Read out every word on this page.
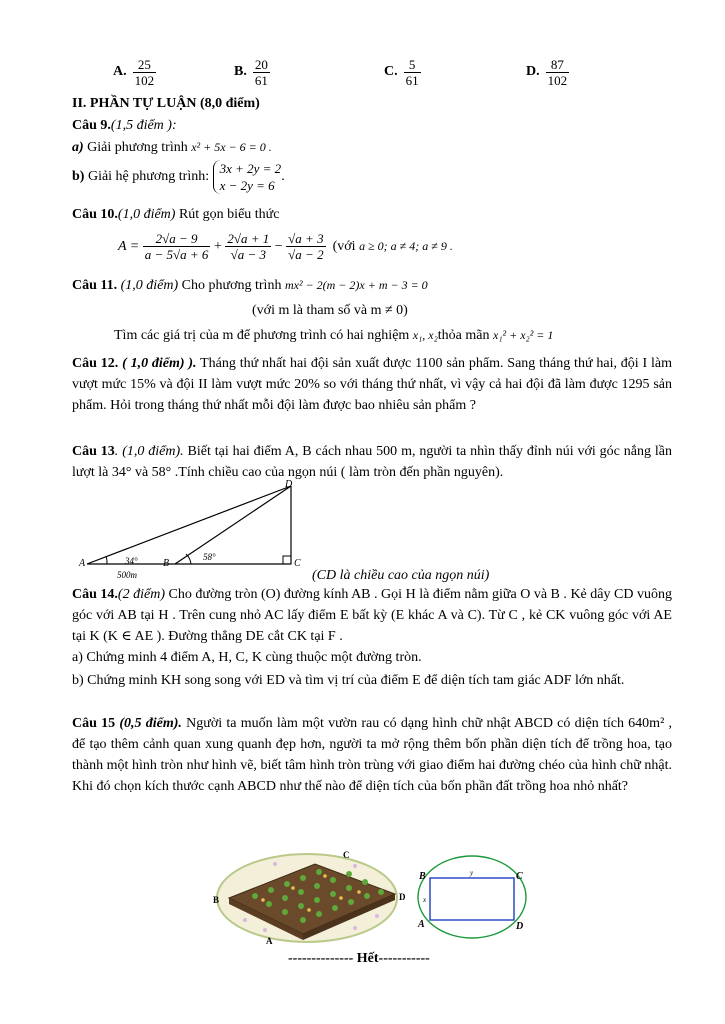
A. $\frac{25}{102}$	B. $\frac{20}{61}$	C. $\frac{5}{61}$	D. $\frac{87}{102}$
II. PHẦN TỰ LUẬN (8,0 điểm)
Câu 9.(1,5 điểm ):
a) Giải phương trình x² + 5x − 6 = 0 .
b) Giải hệ phương trình:
3x + 2y = 2
x − 2y = 6
.
Câu 10.(1,0 điểm) Rút gọn biểu thức
$A = \frac{2√a - 9}{a - 5√a + 6} + \frac{2√a + 1}{√a - 3} - \frac{√a + 3}{√a - 2}$ (với a ≥ 0; a ≠ 4; a ≠ 9 .
Câu 11. (1,0 điểm) Cho phương trình mx² − 2(m − 2)x + m − 3 = 0
(với m là tham số và m ≠ 0)
Tìm các giá trị của m để phương trình có hai nghiệm x₁, x₂thỏa mãn x₁² + x₂² = 1
Câu 12. ( 1,0 điểm) ). Tháng thứ nhất hai đội sản xuất được 1100 sản phẩm. Sang tháng thứ hai, đội I làm vượt mức 15% và đội II làm vượt mức 20% so với tháng thứ nhất, vì vậy cả hai đội đã làm được 1295 sản phẩm. Hỏi trong tháng thứ nhất mỗi đội làm được bao nhiêu sản phẩm ?
Câu 13. (1,0 điểm). Biết tại hai điểm A, B cách nhau 500 m, người ta nhìn thấy đỉnh núi với góc nắng lần lượt là 34° và 58° .Tính chiều cao của ngọn núi ( làm tròn đến phần nguyên).
D
A	B	C
34°	58°
500m	(CD là chiều cao của ngọn núi)
Câu 14.(2 điểm) Cho đường tròn (O) đường kính AB . Gọi H là điểm nằm giữa O và B . Kẻ dây CD vuông góc với AB tại H . Trên cung nhỏ AC lấy điểm E bất kỳ (E khác A và C). Từ C , kẻ CK vuông góc với AE tại K (K ∈ AE ). Đường thẳng DE cắt CK tại F .
a) Chứng minh 4 điểm A, H, C, K cùng thuộc một đường tròn.
b) Chứng minh KH song song với ED và tìm vị trí của điểm E để diện tích tam giác ADF lớn nhất.
Câu 15 (0,5 điểm). Người ta muốn làm một vườn rau có dạng hình chữ nhật ABCD có diện tích 640m² , để tạo thêm cảnh quan xung quanh đẹp hơn, người ta mở rộng thêm bốn phần diện tích để trồng hoa, tạo thành một hình tròn như hình vẽ, biết tâm hình tròn trùng với giao điểm hai đường chéo của hình chữ nhật. Khi đó chọn kích thước cạnh ABCD như thế nào để diện tích của bốn phần đất trồng hoa nhỏ nhất?
C
B	D
A
B	C
A	D
y
x
-------------- Hết-----------
